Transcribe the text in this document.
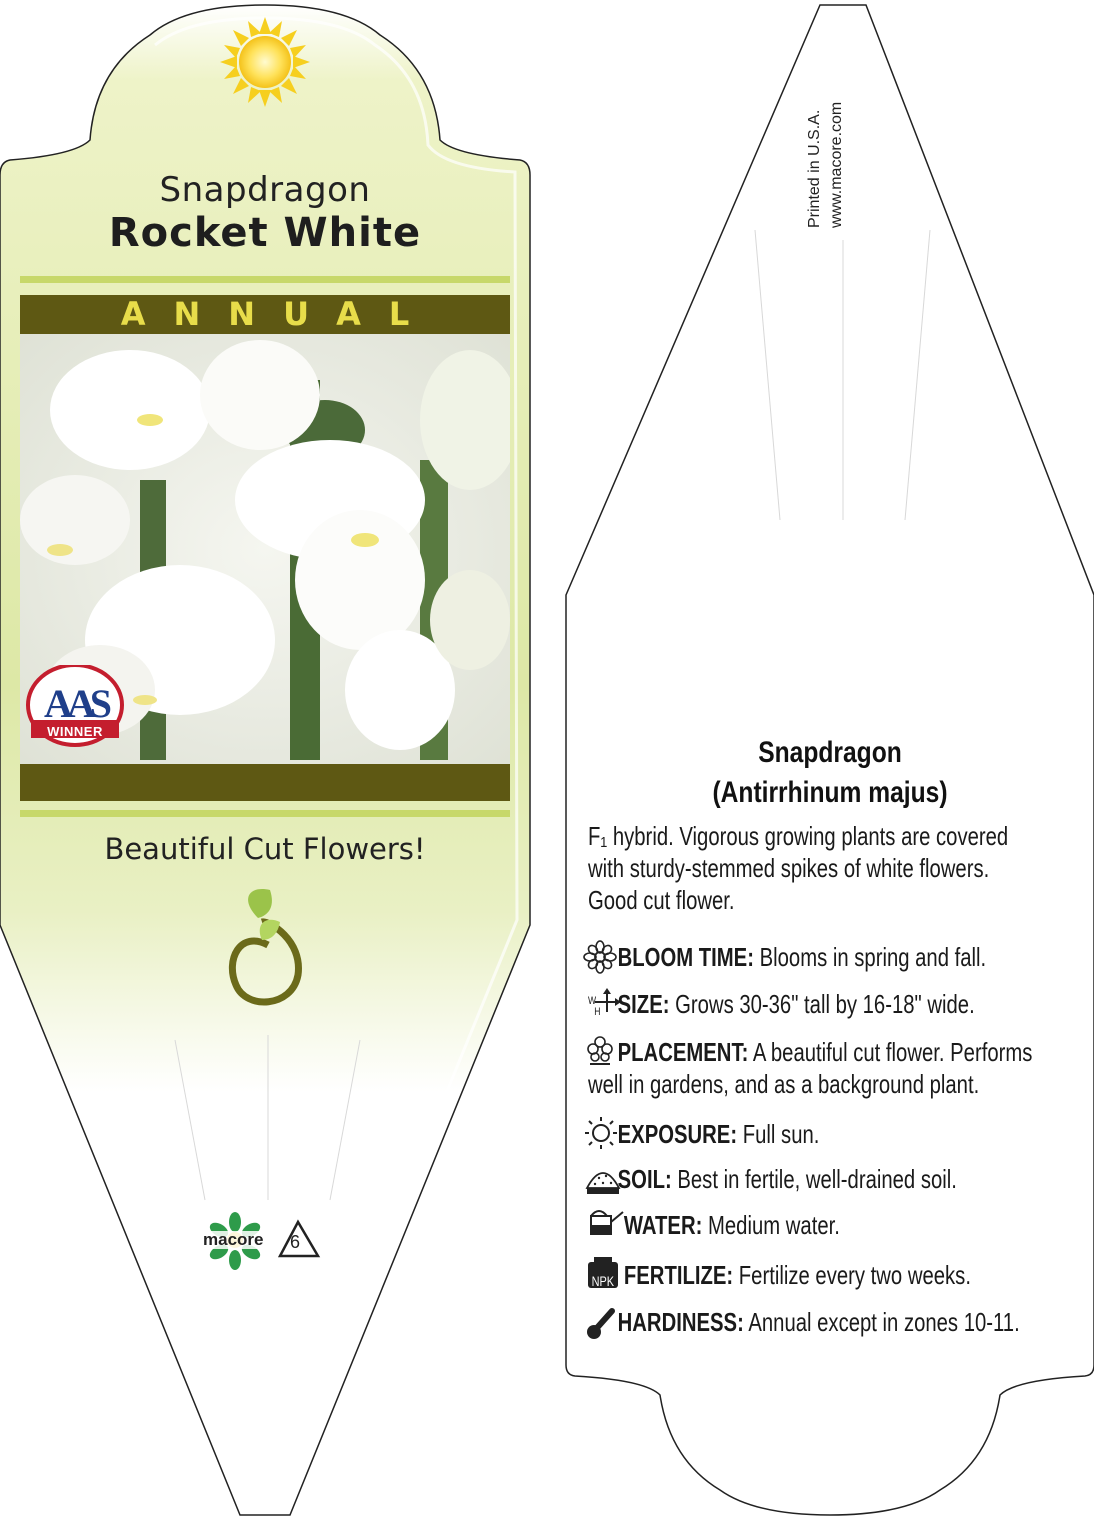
Snapdragon
Rocket White
ANNUAL
AAS
WINNER
Beautiful Cut Flowers!
macore 6
Printed in U.S.A. www.macore.com
Snapdragon
(Antirrhinum majus)
F₁ hybrid. Vigorous growing plants are covered with sturdy-stemmed spikes of white flowers. Good cut flower.
BLOOM TIME: Blooms in spring and fall.
W
H SIZE: Grows 30-36" tall by 16-18" wide.
PLACEMENT: A beautiful cut flower. Performs
well in gardens, and as a background plant.
EXPOSURE: Full sun.
SOIL: Best in fertile, well-drained soil.
WATER: Medium water.
NPK FERTILIZE: Fertilize every two weeks.
HARDINESS: Annual except in zones 10-11.
